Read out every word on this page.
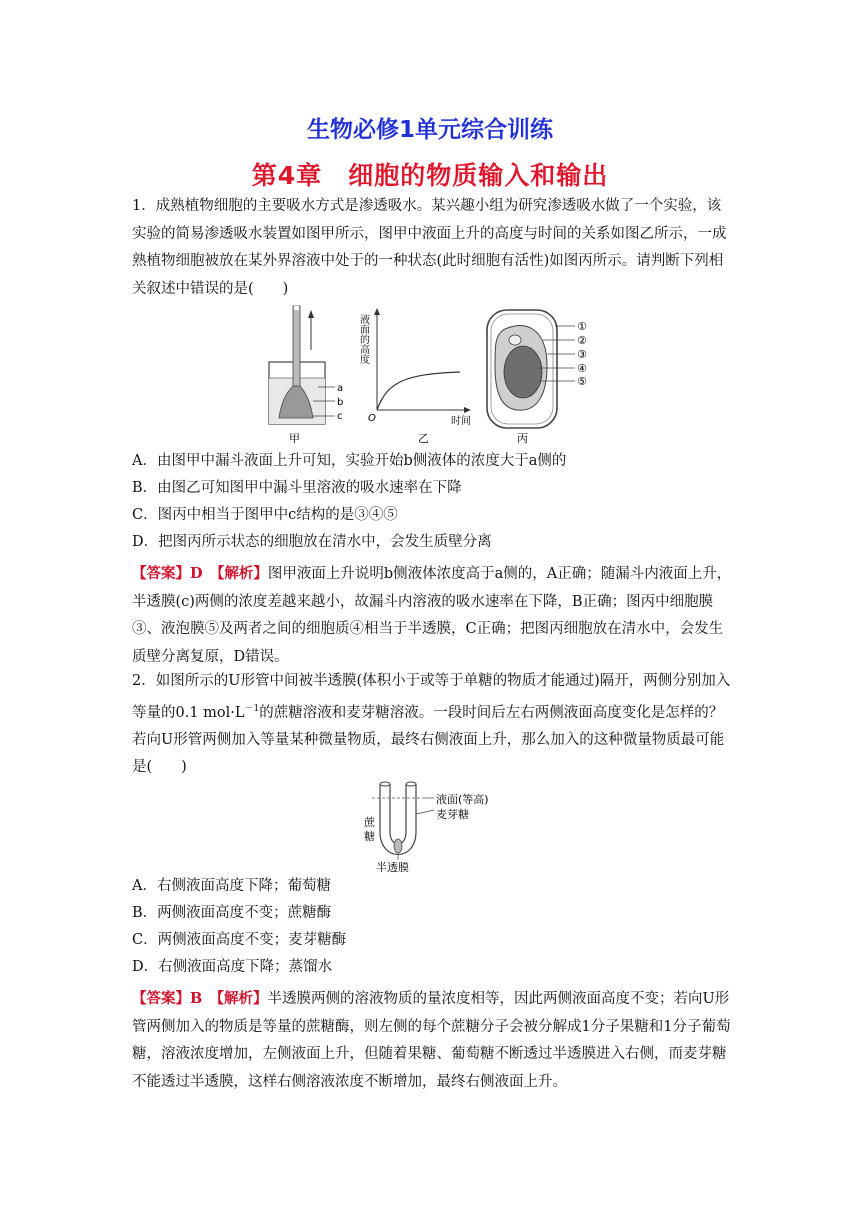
生物必修1单元综合训练
第4章　细胞的物质输入和输出

1．成熟植物细胞的主要吸水方式是渗透吸水。某兴趣小组为研究渗透吸水做了一个实验，该实验的简易渗透吸水装置如图甲所示，图甲中液面上升的高度与时间的关系如图乙所示，一成熟植物细胞被放在某外界溶液中处于的一种状态(此时细胞有活性)如图丙所示。请判断下列相关叙述中错误的是(　　)

a
b
c
甲
液面的高度
时间
O
乙
①
②
③
④
⑤
丙

A．由图甲中漏斗液面上升可知，实验开始b侧液体的浓度大于a侧的

B．由图乙可知图甲中漏斗里溶液的吸水速率在下降

C．图丙中相当于图甲中c结构的是③④⑤

D．把图丙所示状态的细胞放在清水中，会发生质壁分离

【答案】D　【解析】图甲液面上升说明b侧液体浓度高于a侧的，A正确；随漏斗内液面上升，半透膜(c)两侧的浓度差越来越小，故漏斗内溶液的吸水速率在下降，B正确；图丙中细胞膜③、液泡膜⑤及两者之间的细胞质④相当于半透膜，C正确；把图丙细胞放在清水中，会发生质壁分离复原，D错误。

2．如图所示的U形管中间被半透膜(体积小于或等于单糖的物质才能通过)隔开，两侧分别加入等量的0.1 $mol\cdot L^{-1}$的蔗糖溶液和麦芽糖溶液。一段时间后左右两侧液面高度变化是怎样的？若向U形管两侧加入等量某种微量物质，最终右侧液面上升，那么加入的这种微量物质最可能是(　　)

液面(等高)
麦芽糖
蔗
糖
半透膜

A．右侧液面高度下降；葡萄糖

B．两侧液面高度不变；蔗糖酶

C．两侧液面高度不变；麦芽糖酶

D．右侧液面高度下降；蒸馏水

【答案】B　【解析】半透膜两侧的溶液物质的量浓度相等，因此两侧液面高度不变；若向U形管两侧加入的物质是等量的蔗糖酶，则左侧的每个蔗糖分子会被分解成1分子果糖和1分子葡萄糖，溶液浓度增加，左侧液面上升，但随着果糖、葡萄糖不断透过半透膜进入右侧，而麦芽糖不能透过半透膜，这样右侧溶液浓度不断增加，最终右侧液面上升。
